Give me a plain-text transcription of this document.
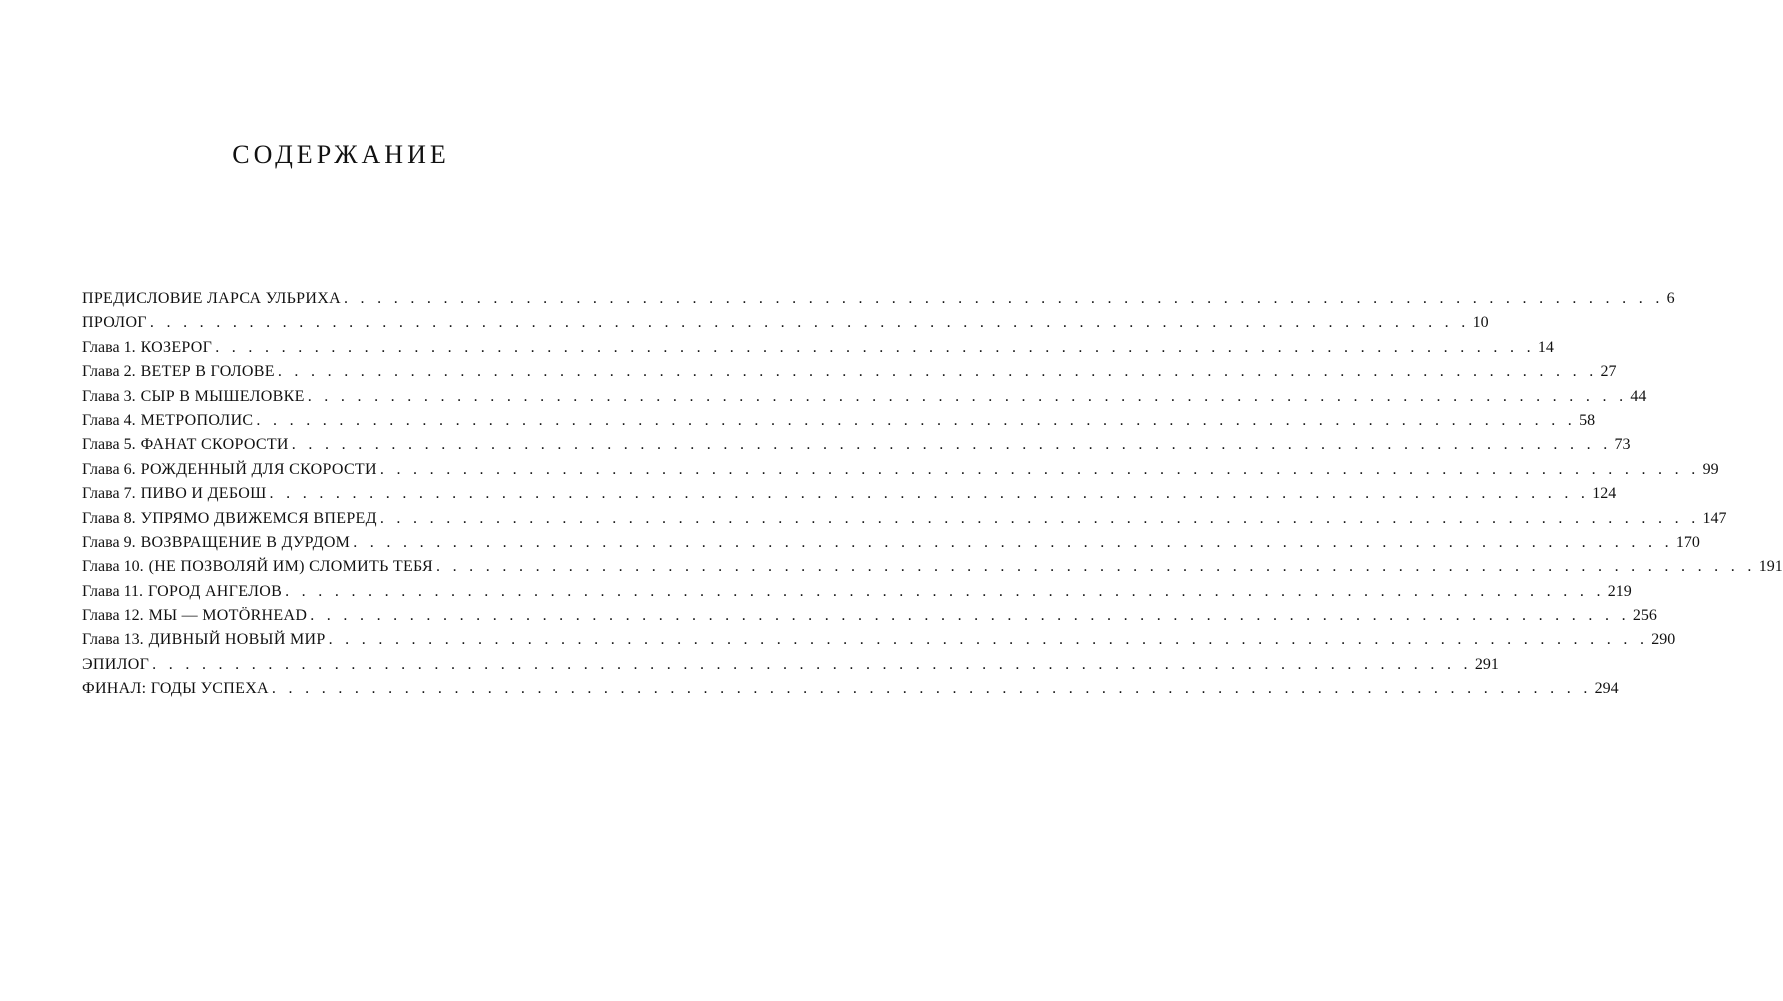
СОДЕРЖАНИЕ
ПРЕДИСЛОВИЕ ЛАРСА УЛЬРИХА . . . . . . . . . . . . . . . . . . . . . . . . . . . . . . . . . . . . . . . . . . . . . . . . . . . . . . . . . . . . . . . . . . . . . . . . . . . . . . . . 6
ПРОЛОГ . . . . . . . . . . . . . . . . . . . . . . . . . . . . . . . . . . . . . . . . . . . . . . . . . . . . . . . . . . . . . . . . . . . . . . . . . . . . . . . . 10
Глава 1. КОЗЕРОГ . . . . . . . . . . . . . . . . . . . . . . . . . . . . . . . . . . . . . . . . . . . . . . . . . . . . . . . . . . . . . . . . . . . . . . . . . . . . . . . . 14
Глава 2. ВЕТЕР В ГОЛОВЕ . . . . . . . . . . . . . . . . . . . . . . . . . . . . . . . . . . . . . . . . . . . . . . . . . . . . . . . . . . . . . . . . . . . . . . . . . . . . . . . . 27
Глава 3. СЫР В МЫШЕЛОВКЕ . . . . . . . . . . . . . . . . . . . . . . . . . . . . . . . . . . . . . . . . . . . . . . . . . . . . . . . . . . . . . . . . . . . . . . . . . . . . . . . . 44
Глава 4. МЕТРОПОЛИС . . . . . . . . . . . . . . . . . . . . . . . . . . . . . . . . . . . . . . . . . . . . . . . . . . . . . . . . . . . . . . . . . . . . . . . . . . . . . . . . 58
Глава 5. ФАНАТ СКОРОСТИ . . . . . . . . . . . . . . . . . . . . . . . . . . . . . . . . . . . . . . . . . . . . . . . . . . . . . . . . . . . . . . . . . . . . . . . . . . . . . . . . 73
Глава 6. РОЖДЕННЫЙ ДЛЯ СКОРОСТИ . . . . . . . . . . . . . . . . . . . . . . . . . . . . . . . . . . . . . . . . . . . . . . . . . . . . . . . . . . . . . . . . . . . . . . . . . . . . . . . . 99
Глава 7. ПИВО И ДЕБОШ . . . . . . . . . . . . . . . . . . . . . . . . . . . . . . . . . . . . . . . . . . . . . . . . . . . . . . . . . . . . . . . . . . . . . . . . . . . . . . . . 124
Глава 8. УПРЯМО ДВИЖЕМСЯ ВПЕРЕД . . . . . . . . . . . . . . . . . . . . . . . . . . . . . . . . . . . . . . . . . . . . . . . . . . . . . . . . . . . . . . . . . . . . . . . . . . . . . . . . 147
Глава 9. ВОЗВРАЩЕНИЕ В ДУРДОМ . . . . . . . . . . . . . . . . . . . . . . . . . . . . . . . . . . . . . . . . . . . . . . . . . . . . . . . . . . . . . . . . . . . . . . . . . . . . . . . . 170
Глава 10. (НЕ ПОЗВОЛЯЙ ИМ) СЛОМИТЬ ТЕБЯ . . . . . . . . . . . . . . . . . . . . . . . . . . . . . . . . . . . . . . . . . . . . . . . . . . . . . . . . . . . . . . . . . . . . . . . . . . . . . . . . 191
Глава 11. ГОРОД АНГЕЛОВ . . . . . . . . . . . . . . . . . . . . . . . . . . . . . . . . . . . . . . . . . . . . . . . . . . . . . . . . . . . . . . . . . . . . . . . . . . . . . . . . 219
Глава 12. МЫ — MOTÖRHEAD . . . . . . . . . . . . . . . . . . . . . . . . . . . . . . . . . . . . . . . . . . . . . . . . . . . . . . . . . . . . . . . . . . . . . . . . . . . . . . . . 256
Глава 13. ДИВНЫЙ НОВЫЙ МИР . . . . . . . . . . . . . . . . . . . . . . . . . . . . . . . . . . . . . . . . . . . . . . . . . . . . . . . . . . . . . . . . . . . . . . . . . . . . . . . . 290
ЭПИЛОГ . . . . . . . . . . . . . . . . . . . . . . . . . . . . . . . . . . . . . . . . . . . . . . . . . . . . . . . . . . . . . . . . . . . . . . . . . . . . . . . . 291
ФИНАЛ: ГОДЫ УСПЕХА . . . . . . . . . . . . . . . . . . . . . . . . . . . . . . . . . . . . . . . . . . . . . . . . . . . . . . . . . . . . . . . . . . . . . . . . . . . . . . . . 294
